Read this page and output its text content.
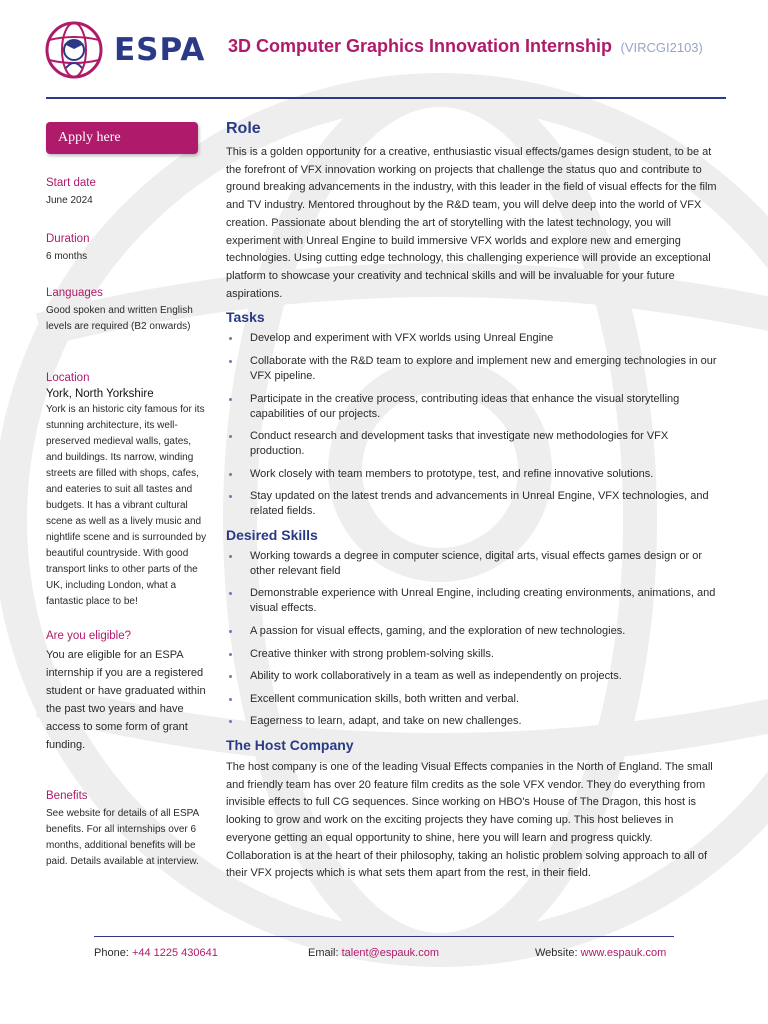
ESPA 3D Computer Graphics Innovation Internship (VIRCGI2103)
Apply here

Start date

June 2024

Duration

6 months

Languages

Good spoken and written English levels are required (B2 onwards)

Location

York, North Yorkshire

York is an historic city famous for its stunning architecture, its well-preserved medieval walls, gates, and buildings. Its narrow, winding streets are filled with shops, cafes, and eateries to suit all tastes and budgets. It has a vibrant cultural scene as well as a lively music and nightlife scene and is surrounded by beautiful countryside. With good transport links to other parts of the UK, including London, what a fantastic place to be!

Are you eligible?

You are eligible for an ESPA internship if you are a registered student or have graduated within the past two years and have access to some form of grant funding.

Benefits

See website for details of all ESPA benefits. For all internships over 6 months, additional benefits will be paid. Details available at interview.

Role

This is a golden opportunity for a creative, enthusiastic visual effects/games design student, to be at the forefront of VFX innovation working on projects that challenge the status quo and contribute to ground breaking advancements in the industry, with this leader in the field of visual effects for the film and TV industry. Mentored throughout by the R&D team, you will delve deep into the world of VFX creation. Passionate about blending the art of storytelling with the latest technology, you will experiment with Unreal Engine to build immersive VFX worlds and explore new and emerging technologies. Using cutting edge technology, this challenging experience will provide an exceptional platform to showcase your creativity and technical skills and will be invaluable for your future aspirations.

Tasks
Develop and experiment with VFX worlds using Unreal Engine
Collaborate with the R&D team to explore and implement new and emerging technologies in our VFX pipeline.
Participate in the creative process, contributing ideas that enhance the visual storytelling capabilities of our projects.
Conduct research and development tasks that investigate new methodologies for VFX production.
Work closely with team members to prototype, test, and refine innovative solutions.
Stay updated on the latest trends and advancements in Unreal Engine, VFX technologies, and related fields.
Desired Skills
Working towards a degree in computer science, digital arts, visual effects games design or or other relevant field
Demonstrable experience with Unreal Engine, including creating environments, animations, and visual effects.
A passion for visual effects, gaming, and the exploration of new technologies.
Creative thinker with strong problem-solving skills.
Ability to work collaboratively in a team as well as independently on projects.
Excellent communication skills, both written and verbal.
Eagerness to learn, adapt, and take on new challenges.
The Host Company

The host company is one of the leading Visual Effects companies in the North of England. The small and friendly team has over 20 feature film credits as the sole VFX vendor. They do everything from invisible effects to full CG sequences. Since working on HBO's House of The Dragon, this host is looking to grow and work on the exciting projects they have coming up. This host believes in everyone getting an equal opportunity to shine, here you will learn and progress quickly. Collaboration is at the heart of their philosophy, taking an holistic problem solving approach to all of their VFX projects which is what sets them apart from the rest, in their field.

Phone: +44 1225 430641	Email: talent@espauk.com	Website: www.espauk.com
